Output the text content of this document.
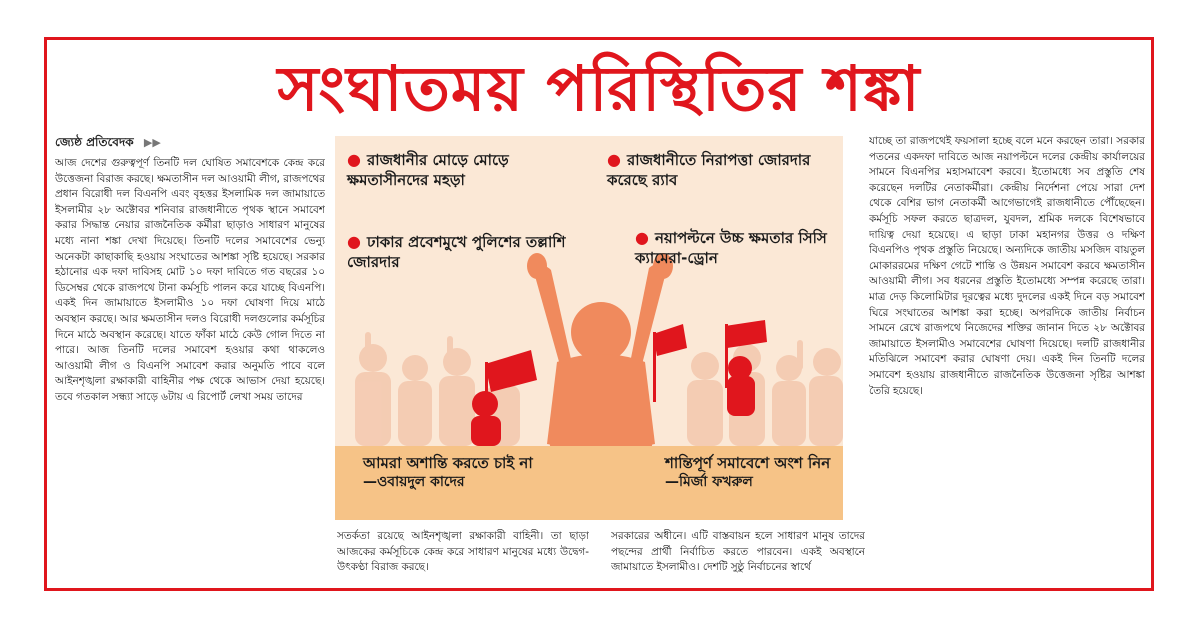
সংঘাতময় পরিস্থিতির শঙ্কা
জ্যেষ্ঠ প্রতিবেদক ▶▶
আজ দেশের গুরুত্বপূর্ণ তিনটি দল ঘোষিত সমাবেশকে কেন্দ্র করে উত্তেজনা বিরাজ করছে। ক্ষমতাসীন দল আওয়ামী লীগ, রাজপথের প্রধান বিরোধী দল বিএনপি এবং বৃহত্তর ইসলামিক দল জামায়াতে ইসলামীর ২৮ অক্টোবর শনিবার রাজধানীতে পৃথক স্থানে সমাবেশ করার সিদ্ধান্ত নেয়ার রাজনৈতিক কর্মীরা ছাড়াও সাধারণ মানুষের মধ্যে নানা শঙ্কা দেখা দিয়েছে। তিনটি দলের সমাবেশের ভেন্যু অনেকটা কাছাকাছি হওয়ায় সংঘাতের আশঙ্কা সৃষ্টি হয়েছে। সরকার হঠানোর এক দফা দাবিসহ মোট ১০ দফা দাবিতে গত বছরের ১০ ডিসেম্বর থেকে রাজপথে টানা কর্মসূচি পালন করে যাচ্ছে বিএনপি। একই দিন জামায়াতে ইসলামীও ১০ দফা ঘোষণা দিয়ে মাঠে অবস্থান করছে। আর ক্ষমতাসীন দলও বিরোধী দলগুলোর কর্মসূচির দিনে মাঠে অবস্থান করেছে। যাতে ফাঁকা মাঠে কেউ গোল দিতে না পারে। আজ তিনটি দলের সমাবেশ হওয়ার কথা থাকলেও আওয়ামী লীগ ও বিএনপি সমাবেশ করার অনুমতি পাবে বলে আইনশৃঙ্খলা রক্ষাকারী বাহিনীর পক্ষ থেকে আভাস দেয়া হয়েছে। তবে গতকাল সন্ধ্যা সাড়ে ৬টায় এ রিপোর্ট লেখা সময় তাদের
● রাজধানীর মোড়ে মোড়ে ক্ষমতাসীনদের মহড়া
● রাজধানীতে নিরাপত্তা জোরদার করেছে র‌্যাব
● ঢাকার প্রবেশমুখে পুলিশের তল্লাশি জোরদার
● নয়াপল্টনে উচ্চ ক্ষমতার সিসি ক্যামেরা-ড্রোন
আমরা অশান্তি করতে চাই না
—ওবায়দুল কাদের
শান্তিপূর্ণ সমাবেশে অংশ নিন
—মির্জা ফখরুল
সতর্কতা রয়েছে আইনশৃঙ্খলা রক্ষাকারী বাহিনী। তা ছাড়া আজকের কর্মসূচিকে কেন্দ্র করে সাধারণ মানুষের মধ্যে উদ্বেগ-উৎকণ্ঠা বিরাজ করছে।
সরকারের অধীনে। এটি বাস্তবায়ন হলে সাধারণ মানুষ তাদের পছন্দের প্রার্থী নির্বাচিত করতে পারবেন। একই অবস্থানে জামায়াতে ইসলামীও। দেশটি সুষ্ঠু নির্বাচনের স্বার্থে
যাচ্ছে তা রাজপথেই ফয়সালা হচ্ছে বলে মনে করছেন তারা। সরকার পতনের একদফা দাবিতে আজ নয়াপল্টনে দলের কেন্দ্রীয় কার্যালয়ের সামনে বিএনপির মহাসমাবেশ করবে। ইতোমধ্যে সব প্রস্তুতি শেষ করেছেন দলটির নেতাকর্মীরা। কেন্দ্রীয় নির্দেশনা পেয়ে সারা দেশ থেকে বেশির ভাগ নেতাকর্মী আগেভাগেই রাজধানীতে পৌঁছেছেন। কর্মসূচি সফল করতে ছাত্রদল, যুবদল, শ্রমিক দলকে বিশেষভাবে দায়িত্ব দেয়া হয়েছে। এ ছাড়া ঢাকা মহানগর উত্তর ও দক্ষিণ বিএনপিও পৃথক প্রস্তুতি নিয়েছে। অন্যদিকে জাতীয় মসজিদ বায়তুল মোকাররমের দক্ষিণ গেটে শান্তি ও উন্নয়ন সমাবেশ করবে ক্ষমতাসীন আওয়ামী লীগ। সব ধরনের প্রস্তুতি ইতোমধ্যে সম্পন্ন করেছে তারা। মাত্র দেড় কিলোমিটার দূরত্বের মধ্যে দুদলের একই দিনে বড় সমাবেশ ঘিরে সংঘাতের আশঙ্কা করা হচ্ছে। অপরদিকে জাতীয় নির্বাচন সামনে রেখে রাজপথে নিজেদের শক্তির জানান দিতে ২৮ অক্টোবর জামায়াতে ইসলামীও সমাবেশের ঘোষণা দিয়েছে। দলটি রাজধানীর মতিঝিলে সমাবেশ করার ঘোষণা দেয়। একই দিন তিনটি দলের সমাবেশ হওয়ায় রাজধানীতে রাজনৈতিক উত্তেজনা সৃষ্টির আশঙ্কা তৈরি হয়েছে।
